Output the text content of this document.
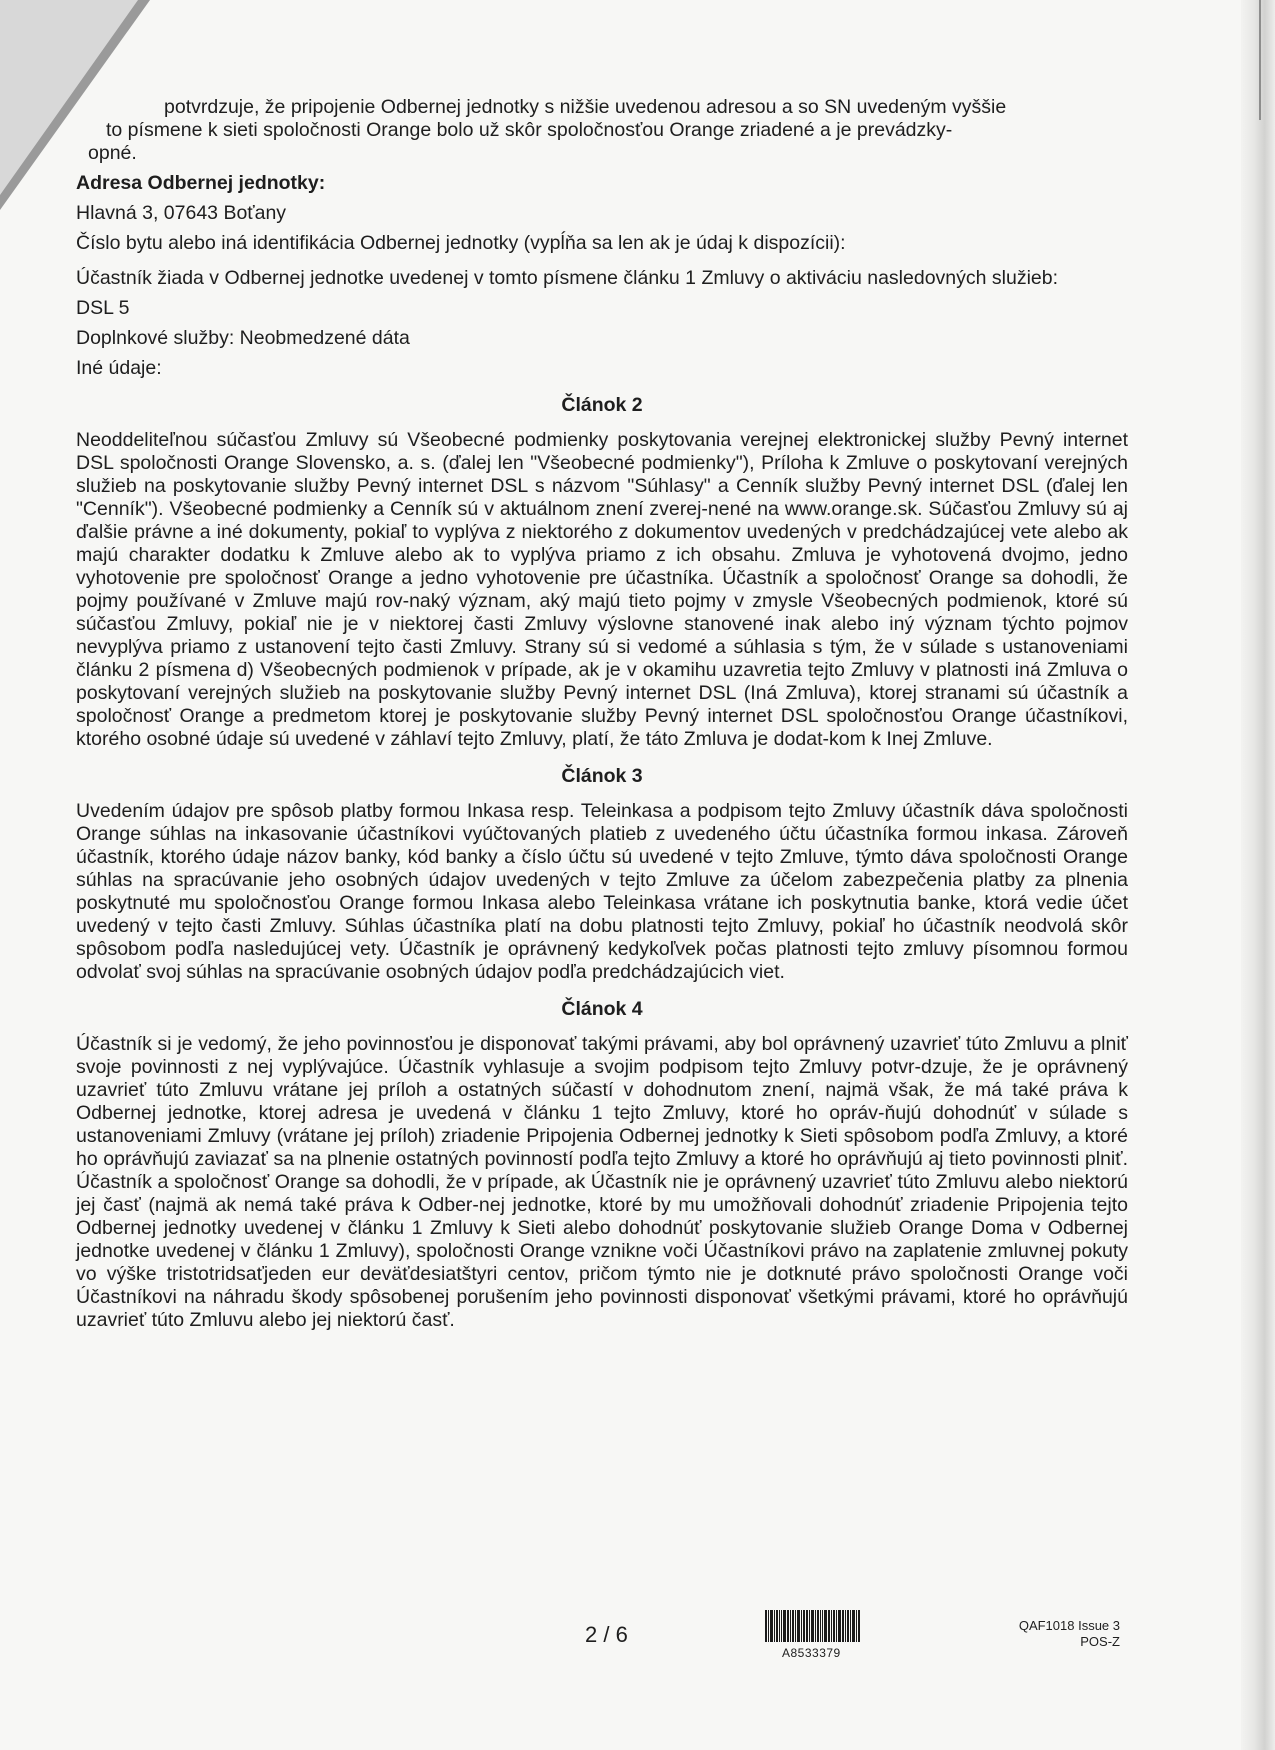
potvrdzuje, že pripojenie Odbernej jednotky s nižšie uvedenou adresou a so SN uvedeným vyššie

to písmene k sieti spoločnosti Orange bolo už skôr spoločnosťou Orange zriadené a je prevádzky-

opné.

Adresa Odbernej jednotky:

Hlavná 3, 07643 Boťany

Číslo bytu alebo iná identifikácia Odbernej jednotky (vypĺňa sa len ak je údaj k dispozícii):

Účastník žiada v Odbernej jednotke uvedenej v tomto písmene článku 1 Zmluvy o aktiváciu nasledovných služieb:

DSL 5

Doplnkové služby: Neobmedzené dáta

Iné údaje:

Článok 2

Neoddeliteľnou súčasťou Zmluvy sú Všeobecné podmienky poskytovania verejnej elektronickej služby Pevný internet DSL spoločnosti Orange Slovensko, a. s. (ďalej len "Všeobecné podmienky"), Príloha k Zmluve o poskytovaní verejných služieb na poskytovanie služby Pevný internet DSL s názvom "Súhlasy" a Cenník služby Pevný internet DSL (ďalej len "Cenník"). Všeobecné podmienky a Cenník sú v aktuálnom znení zverej-nené na www.orange.sk. Súčasťou Zmluvy sú aj ďalšie právne a iné dokumenty, pokiaľ to vyplýva z niektorého z dokumentov uvedených v predchádzajúcej vete alebo ak majú charakter dodatku k Zmluve alebo ak to vyplýva priamo z ich obsahu. Zmluva je vyhotovená dvojmo, jedno vyhotovenie pre spoločnosť Orange a jedno vyhotovenie pre účastníka. Účastník a spoločnosť Orange sa dohodli, že pojmy používané v Zmluve majú rov-naký význam, aký majú tieto pojmy v zmysle Všeobecných podmienok, ktoré sú súčasťou Zmluvy, pokiaľ nie je v niektorej časti Zmluvy výslovne stanovené inak alebo iný význam týchto pojmov nevyplýva priamo z ustanovení tejto časti Zmluvy. Strany sú si vedomé a súhlasia s tým, že v súlade s ustanoveniami článku 2 písmena d) Všeobecných podmienok v prípade, ak je v okamihu uzavretia tejto Zmluvy v platnosti iná Zmluva o poskytovaní verejných služieb na poskytovanie služby Pevný internet DSL (Iná Zmluva), ktorej stranami sú účastník a spoločnosť Orange a predmetom ktorej je poskytovanie služby Pevný internet DSL spoločnosťou Orange účastníkovi, ktorého osobné údaje sú uvedené v záhlaví tejto Zmluvy, platí, že táto Zmluva je dodat-kom k Inej Zmluve.

Článok 3

Uvedením údajov pre spôsob platby formou Inkasa resp. Teleinkasa a podpisom tejto Zmluvy účastník dáva spoločnosti Orange súhlas na inkasovanie účastníkovi vyúčtovaných platieb z uvedeného účtu účastníka formou inkasa. Zároveň účastník, ktorého údaje názov banky, kód banky a číslo účtu sú uvedené v tejto Zmluve, týmto dáva spoločnosti Orange súhlas na spracúvanie jeho osobných údajov uvedených v tejto Zmluve za účelom zabezpečenia platby za plnenia poskytnuté mu spoločnosťou Orange formou Inkasa alebo Teleinkasa vrátane ich poskytnutia banke, ktorá vedie účet uvedený v tejto časti Zmluvy. Súhlas účastníka platí na dobu platnosti tejto Zmluvy, pokiaľ ho účastník neodvolá skôr spôsobom podľa nasledujúcej vety. Účastník je oprávnený kedykoľvek počas platnosti tejto zmluvy písomnou formou odvolať svoj súhlas na spracúvanie osobných údajov podľa predchádzajúcich viet.

Článok 4

Účastník si je vedomý, že jeho povinnosťou je disponovať takými právami, aby bol oprávnený uzavrieť túto Zmluvu a plniť svoje povinnosti z nej vyplývajúce. Účastník vyhlasuje a svojim podpisom tejto Zmluvy potvr-dzuje, že je oprávnený uzavrieť túto Zmluvu vrátane jej príloh a ostatných súčastí v dohodnutom znení, najmä však, že má také práva k Odbernej jednotke, ktorej adresa je uvedená v článku 1 tejto Zmluvy, ktoré ho opráv-ňujú dohodnúť v súlade s ustanoveniami Zmluvy (vrátane jej príloh) zriadenie Pripojenia Odbernej jednotky k Sieti spôsobom podľa Zmluvy, a ktoré ho oprávňujú zaviazať sa na plnenie ostatných povinností podľa tejto Zmluvy a ktoré ho oprávňujú aj tieto povinnosti plniť. Účastník a spoločnosť Orange sa dohodli, že v prípade, ak Účastník nie je oprávnený uzavrieť túto Zmluvu alebo niektorú jej časť (najmä ak nemá také práva k Odber-nej jednotke, ktoré by mu umožňovali dohodnúť zriadenie Pripojenia tejto Odbernej jednotky uvedenej v článku 1 Zmluvy k Sieti alebo dohodnúť poskytovanie služieb Orange Doma v Odbernej jednotke uvedenej v článku 1 Zmluvy), spoločnosti Orange vznikne voči Účastníkovi právo na zaplatenie zmluvnej pokuty vo výške tristotridsaťjeden eur deväťdesiatštyri centov, pričom týmto nie je dotknuté právo spoločnosti Orange voči Účastníkovi na náhradu škody spôsobenej porušením jeho povinnosti disponovať všetkými právami, ktoré ho oprávňujú uzavrieť túto Zmluvu alebo jej niektorú časť.

2 / 6
A8533379
QAF1018 Issue 3
POS-Z
